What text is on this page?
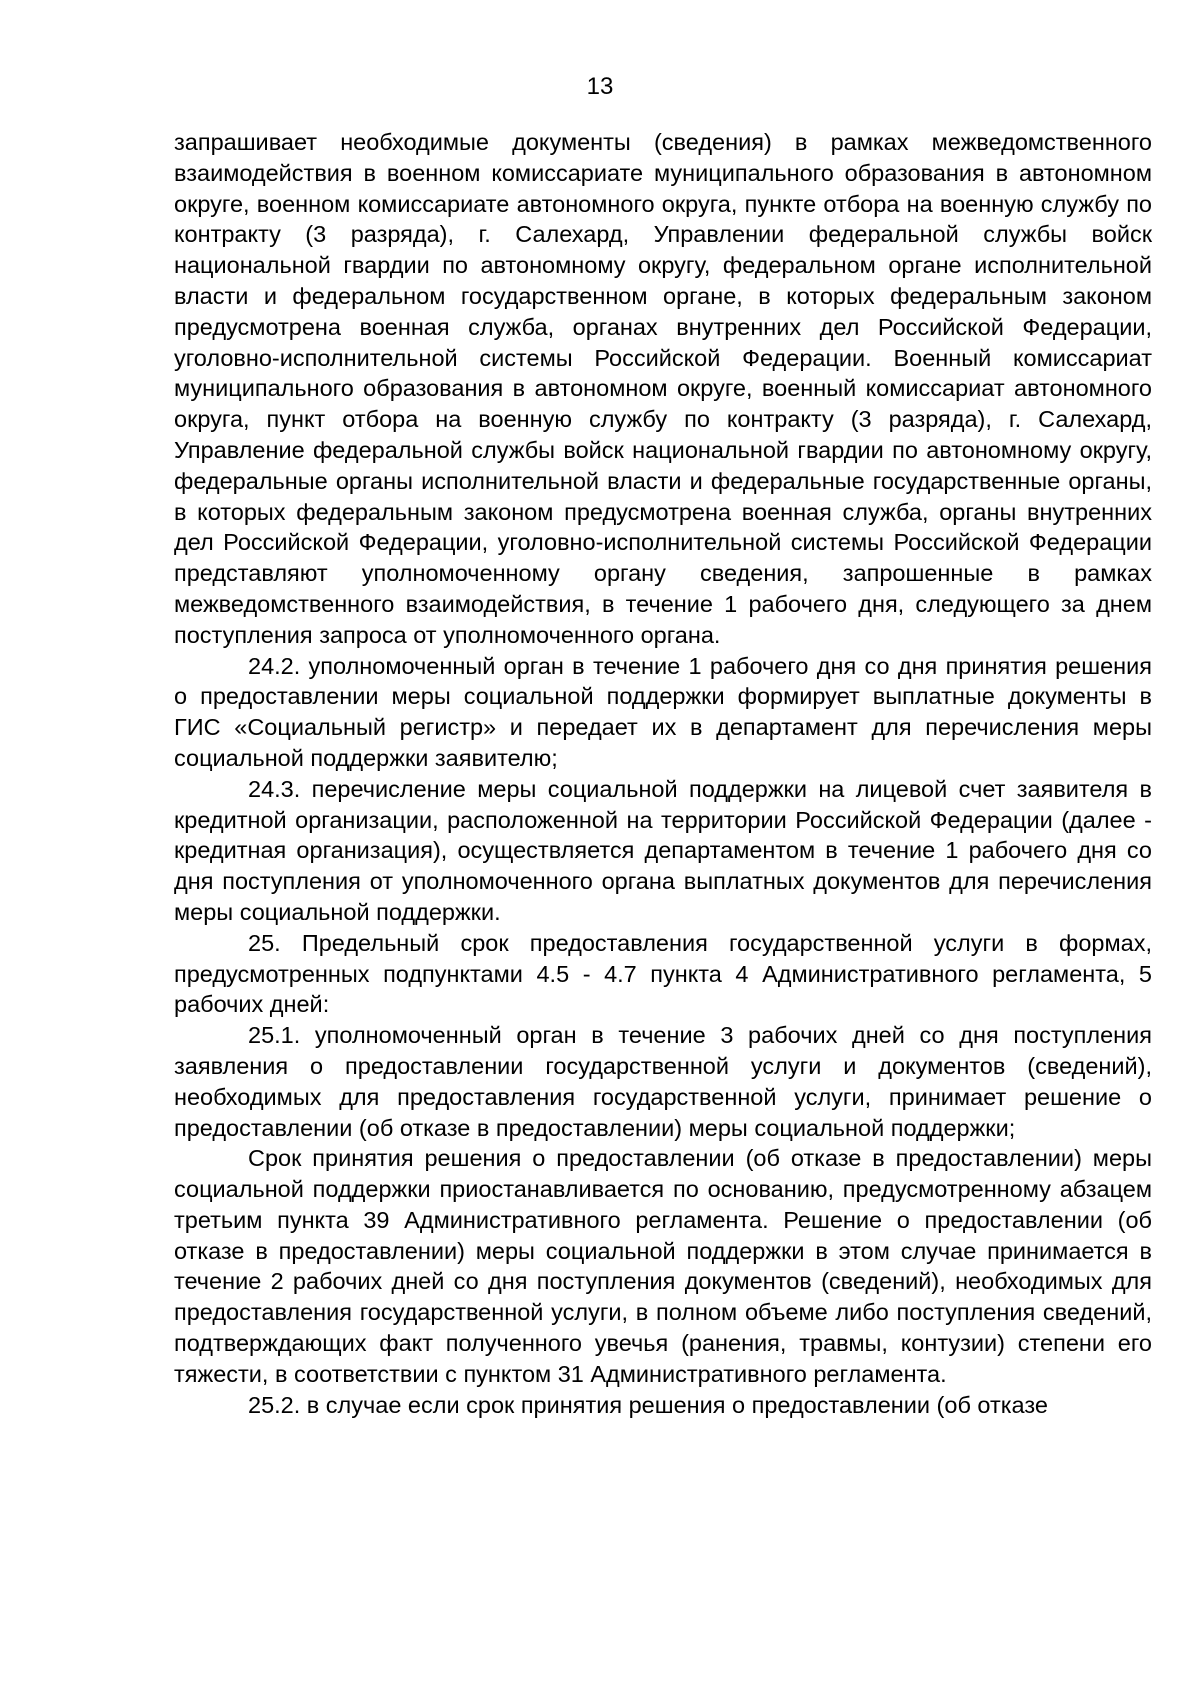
13

запрашивает необходимые документы (сведения) в рамках межведомственного взаимодействия в военном комиссариате муниципального образования в автономном округе, военном комиссариате автономного округа, пункте отбора на военную службу по контракту (3 разряда), г. Салехард, Управлении федеральной службы войск национальной гвардии по автономному округу, федеральном органе исполнительной власти и федеральном государственном органе, в которых федеральным законом предусмотрена военная служба, органах внутренних дел Российской Федерации, уголовно-исполнительной системы Российской Федерации. Военный комиссариат муниципального образования в автономном округе, военный комиссариат автономного округа, пункт отбора на военную службу по контракту (3 разряда), г. Салехард, Управление федеральной службы войск национальной гвардии по автономному округу, федеральные органы исполнительной власти и федеральные государственные органы, в которых федеральным законом предусмотрена военная служба, органы внутренних дел Российской Федерации, уголовно-исполнительной системы Российской Федерации представляют уполномоченному органу сведения, запрошенные в рамках межведомственного взаимодействия, в течение 1 рабочего дня, следующего за днем поступления запроса от уполномоченного органа.

24.2. уполномоченный орган в течение 1 рабочего дня со дня принятия решения о предоставлении меры социальной поддержки формирует выплатные документы в ГИС «Социальный регистр» и передает их в департамент для перечисления меры социальной поддержки заявителю;

24.3. перечисление меры социальной поддержки на лицевой счет заявителя в кредитной организации, расположенной на территории Российской Федерации (далее - кредитная организация), осуществляется департаментом в течение 1 рабочего дня со дня поступления от уполномоченного органа выплатных документов для перечисления меры социальной поддержки.

25. Предельный срок предоставления государственной услуги в формах, предусмотренных подпунктами 4.5 - 4.7 пункта 4 Административного регламента, 5 рабочих дней:

25.1. уполномоченный орган в течение 3 рабочих дней со дня поступления заявления о предоставлении государственной услуги и документов (сведений), необходимых для предоставления государственной услуги, принимает решение о предоставлении (об отказе в предоставлении) меры социальной поддержки;

Срок принятия решения о предоставлении (об отказе в предоставлении) меры социальной поддержки приостанавливается по основанию, предусмотренному абзацем третьим пункта 39 Административного регламента. Решение о предоставлении (об отказе в предоставлении) меры социальной поддержки в этом случае принимается в течение 2 рабочих дней со дня поступления документов (сведений), необходимых для предоставления государственной услуги, в полном объеме либо поступления сведений, подтверждающих факт полученного увечья (ранения, травмы, контузии) степени его тяжести, в соответствии с пунктом 31 Административного регламента.

25.2. в случае если срок принятия решения о предоставлении (об отказе
